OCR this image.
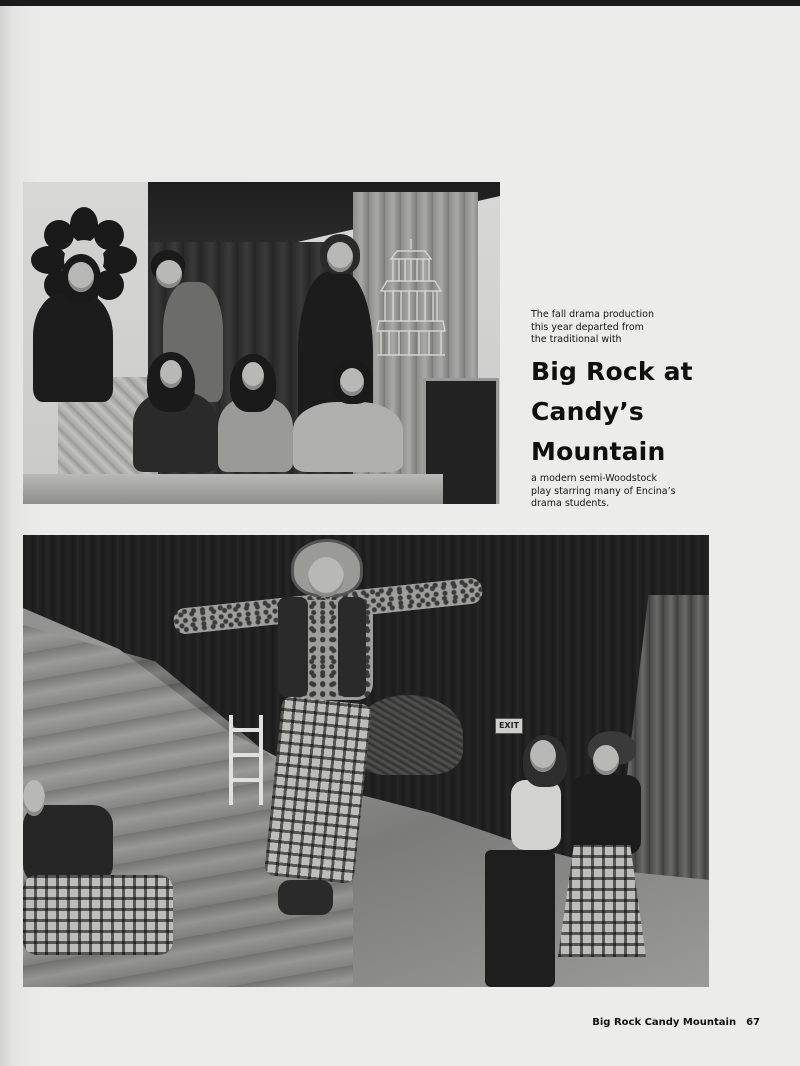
The fall drama production
this year departed from
the traditional with
Big Rock at
Candy’s
Mountain
a modern semi-Woodstock
play starring many of Encina’s
drama students.
EXIT
Big Rock Candy Mountain 67
